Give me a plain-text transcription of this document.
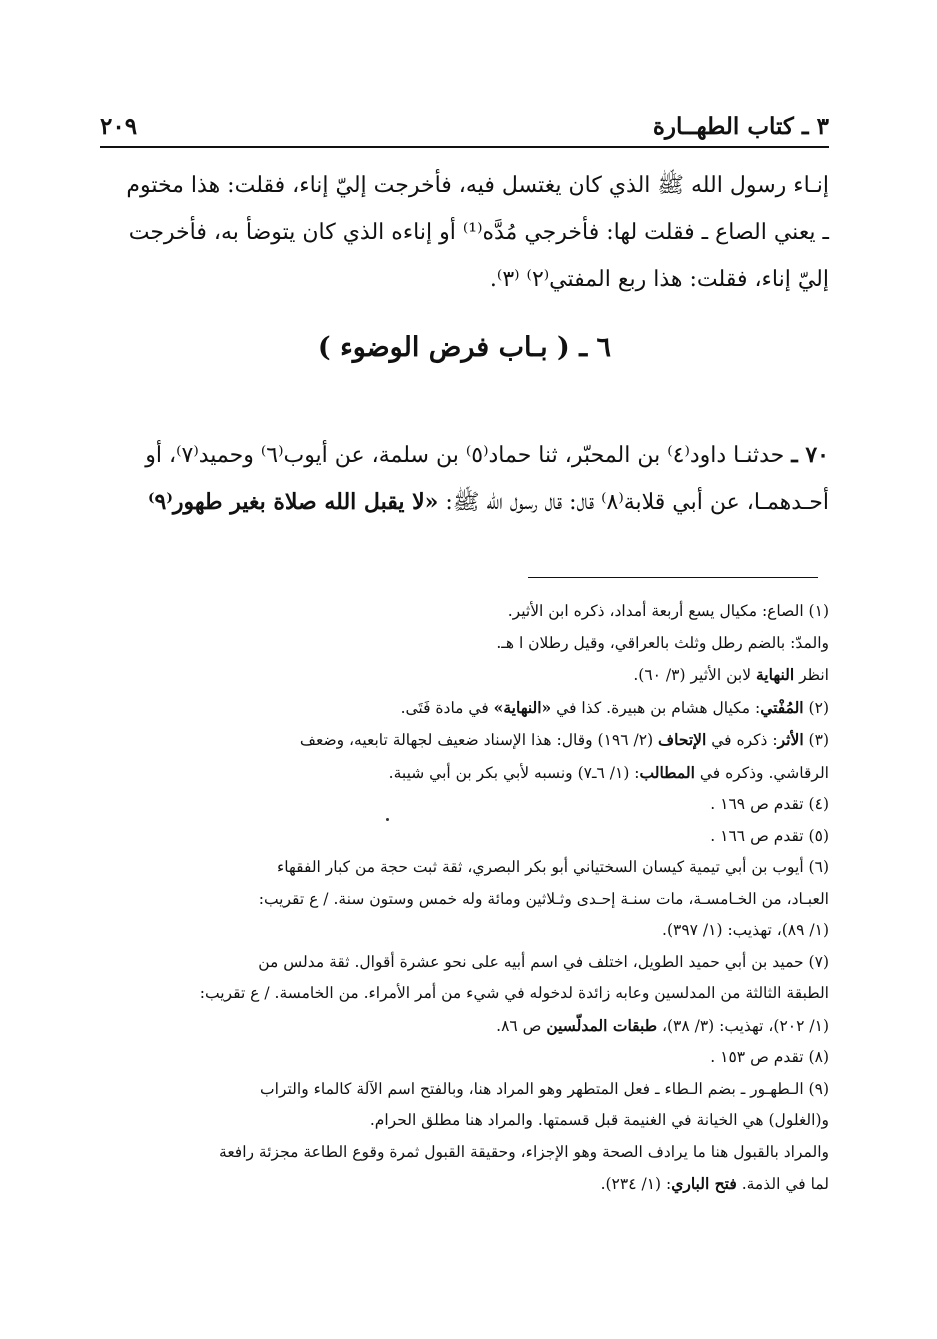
٢٠٩	٣ ـ كتاب الطهــارة

إنـاء رسول الله ﷺ الذي كان يغتسل فيه، فأخرجت إليّ إناء، فقلت: هذا مختوم

ـ يعني الصاع ـ فقلت لها: فأخرجي مُدَّه⁽¹⁾ أو إناءه الذي كان يتوضأ به، فأخرجت

إليّ إناء، فقلت: هذا ربع المفتي⁽٢⁾ ⁽٣⁾.

٦ ـ ( بـاب فرض الوضوء )

٧٠ ـ حدثنـا داود⁽٤⁾ بن المحبّر، ثنا حماد⁽٥⁾ بن سلمة، عن أيوب⁽٦⁾ وحميد⁽٧⁾، أو

أحـدهمـا، عن أبي قلابة⁽٨⁾ قال: قال رسول الله ﷺ: «لا يقبل الله صلاة بغير طهور⁽٩⁾

(١) الصاع: مكيال يسع أربعة أمداد، ذكره ابن الأثير.

والمدّ: بالضم رطل وثلث بالعراقي، وقيل رطلان ا هـ.

انظر النهاية لابن الأثير (٣/ ٦٠).

(٢) المُفْتي: مكيال هشام بن هبيرة. كذا في «النهاية» في مادة فَتَى.

(٣) الأثر: ذكره في الإتحاف (٢/ ١٩٦) وقال: هذا الإسناد ضعيف لجهالة تابعيه، وضعف

الرقاشي. وذكره في المطالب: (١/ ٦ـ٧) ونسبه لأبي بكر بن أبي شيبة.

(٤) تقدم ص ١٦٩ .

(٥) تقدم ص ١٦٦ .

(٦) أيوب بن أبي تيمية كيسان السختياني أبو بكر البصري، ثقة ثبت حجة من كبار الفقهاء

العبـاد، من الخـامسـة، مات سنـة إحـدى وثـلاثين ومائة وله خمس وستون سنة. / ع تقريب:

(١/ ٨٩)، تهذيب: (١/ ٣٩٧).

(٧) حميد بن أبي حميد الطويل، اختلف في اسم أبيه على نحو عشرة أقوال. ثقة مدلس من

الطبقة الثالثة من المدلسين وعابه زائدة لدخوله في شيء من أمر الأمراء. من الخامسة. / ع تقريب:

(١/ ٢٠٢)، تهذيب: (٣/ ٣٨)، طبقات المدلّسين ص ٨٦.

(٨) تقدم ص ١٥٣ .

(٩) الـطهـور ـ بضم الـطاء ـ فعل المتطهر وهو المراد هنا، وبالفتح اسم الآلة كالماء والتراب

و(الغلول) هي الخيانة في الغنيمة قبل قسمتها. والمراد هنا مطلق الحرام.

والمراد بالقبول هنا ما يرادف الصحة وهو الإجزاء، وحقيقة القبول ثمرة وقوع الطاعة مجزئة رافعة

لما في الذمة. فتح الباري: (١/ ٢٣٤).
